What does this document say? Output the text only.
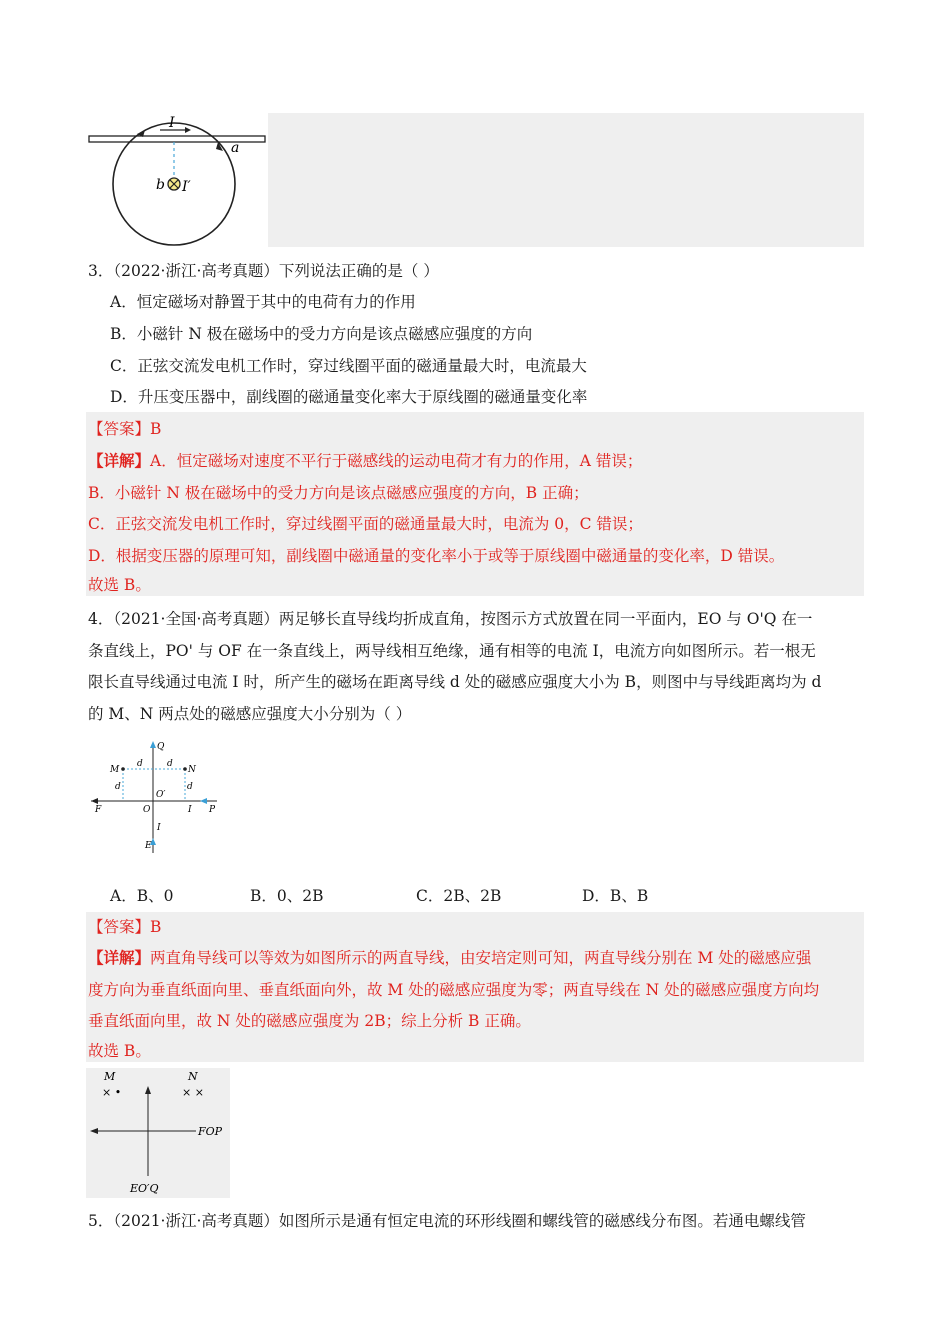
I
a
b I′
3．（2022·浙江·高考真题）下列说法正确的是（ ）
A．恒定磁场对静置于其中的电荷有力的作用
B．小磁针 N 极在磁场中的受力方向是该点磁感应强度的方向
C．正弦交流发电机工作时，穿过线圈平面的磁通量最大时，电流最大
D．升压变压器中，副线圈的磁通量变化率大于原线圈的磁通量变化率
【答案】B
【详解】A．恒定磁场对速度不平行于磁感线的运动电荷才有力的作用，A 错误；
B．小磁针 N 极在磁场中的受力方向是该点磁感应强度的方向，B 正确；
C．正弦交流发电机工作时，穿过线圈平面的磁通量最大时，电流为 0，C 错误；
D．根据变压器的原理可知，副线圈中磁通量的变化率小于或等于原线圈中磁通量的变化率，D 错误。
故选 B。
4．（2021·全国·高考真题）两足够长直导线均折成直角，按图示方式放置在同一平面内，EO 与 O'Q 在一
条直线上，PO' 与 OF 在一条直线上，两导线相互绝缘，通有相等的电流 I，电流方向如图所示。若一根无
限长直导线通过电流 I 时，所产生的磁场在距离导线 d 处的磁感应强度大小为 B，则图中与导线距离均为 d
的 M、N 两点处的磁感应强度大小分别为（ ）
Q
M	N
d	d
d	d
O′
O
F	I P
I
E
A．B、0	B．0、2B	C．2B、2B	D．B、B
【答案】B
【详解】两直角导线可以等效为如图所示的两直导线，由安培定则可知，两直导线分别在 M 处的磁感应强
度方向为垂直纸面向里、垂直纸面向外，故 M 处的磁感应强度为零；两直导线在 N 处的磁感应强度方向均
垂直纸面向里，故 N 处的磁感应强度为 2B；综上分析 B 正确。
故选 B。
M	N
× •	× ×
FOP
EO′Q
5．（2021·浙江·高考真题）如图所示是通有恒定电流的环形线圈和螺线管的磁感线分布图。若通电螺线管
